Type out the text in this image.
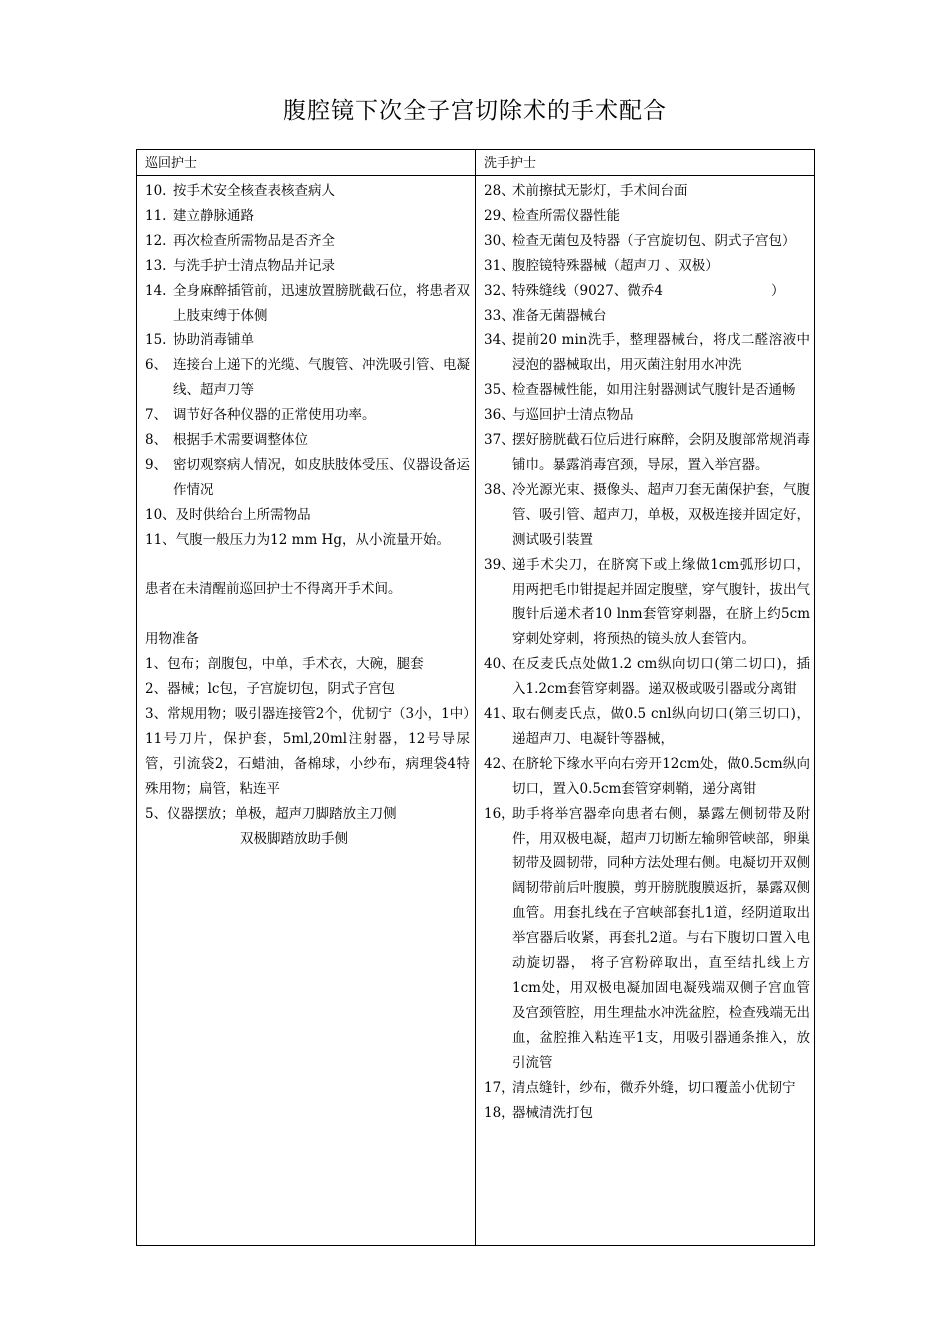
腹腔镜下次全子宫切除术的手术配合
巡回护士	洗手护士
10. 按手术安全核查表核查病人
11. 建立静脉通路
12. 再次检查所需物品是否齐全
13. 与洗手护士清点物品并记录
14. 全身麻醉插管前，迅速放置膀胱截石位，将患者双上肢束缚于体侧
15. 协助消毒铺单
6、 连接台上递下的光缆、气腹管、冲洗吸引管、电凝线、超声刀等
7、 调节好各种仪器的正常使用功率。
8、 根据手术需要调整体位
9、 密切观察病人情况，如皮肤肢体受压、仪器设备运作情况
10、及时供给台上所需物品
11、气腹一般压力为12 mm Hg，从小流量开始。
患者在未清醒前巡回护士不得离开手术间。
用物准备
1、包布；剖腹包，中单，手术衣，大碗，腿套
2、器械；lc包，子宫旋切包，阴式子宫包
3、常规用物；吸引器连接管2个，优韧宁（3小，1中）11号刀片，保护套，5ml,20ml注射器，12号导尿管，引流袋2，石蜡油，备棉球，小纱布，病理袋4特殊用物；扁管，粘连平
5、仪器摆放；单极，超声刀脚踏放主刀侧
双极脚踏放助手侧
28、
术前擦拭无影灯，手术间台面
29、
检查所需仪器性能
30、
检查无菌包及特器（子宫旋切包、阴式子宫包）
31、
腹腔镜特殊器械（超声刀 、双极）
32、
特殊缝线（9027、微乔4　　　　　　　　）
33、
准备无菌器械台
34、
提前20 min洗手，整理器械台，将戊二醛溶液中浸泡的器械取出，用灭菌注射用水冲洗
35、
检查器械性能，如用注射器测试气腹针是否通畅
36、
与巡回护士清点物品
37、
摆好膀胱截石位后进行麻醉，会阴及腹部常规消毒铺巾。暴露消毒宫颈，导尿，置入举宫器。
38、
冷光源光束、摄像头、超声刀套无菌保护套，气腹管、吸引管、超声刀，单极，双极连接并固定好，测试吸引装置
39、
递手术尖刀，在脐窝下或上缘做1cm弧形切口，用两把毛巾钳提起并固定腹壁，穿气腹针，拔出气腹针后递术者10 lnm套管穿刺器，在脐上约5cm穿刺处穿刺，将预热的镜头放人套管内。
40、
在反麦氏点处做1.2 cm纵向切口(第二切口)，插入1.2cm套管穿刺器。递双极或吸引器或分离钳
41、
取右侧麦氏点，做0.5 cnl纵向切口(第三切口)，递超声刀、电凝针等器械，
42、
在脐轮下缘水平向右旁开12cm处，做0.5cm纵向切口，置入0.5cm套管穿刺鞘，递分离钳
16，
助手将举宫器牵向患者右侧，暴露左侧韧带及附件，用双极电凝，超声刀切断左输卵管峡部，卵巢韧带及圆韧带，同种方法处理右侧。电凝切开双侧阔韧带前后叶腹膜，剪开膀胱腹膜返折，暴露双侧血管。用套扎线在子宫峡部套扎1道，经阴道取出举宫器后收紧，再套扎2道。与右下腹切口置入电动旋切器， 将子宫粉碎取出，直至结扎线上方 1cm处，用双极电凝加固电凝残端双侧子宫血管及宫颈管腔，用生理盐水冲洗盆腔，检查残端无出血，盆腔推入粘连平1支，用吸引器通条推入，放引流管
17，
清点缝针，纱布，微乔外缝，切口覆盖小优韧宁
18，
器械清洗打包
